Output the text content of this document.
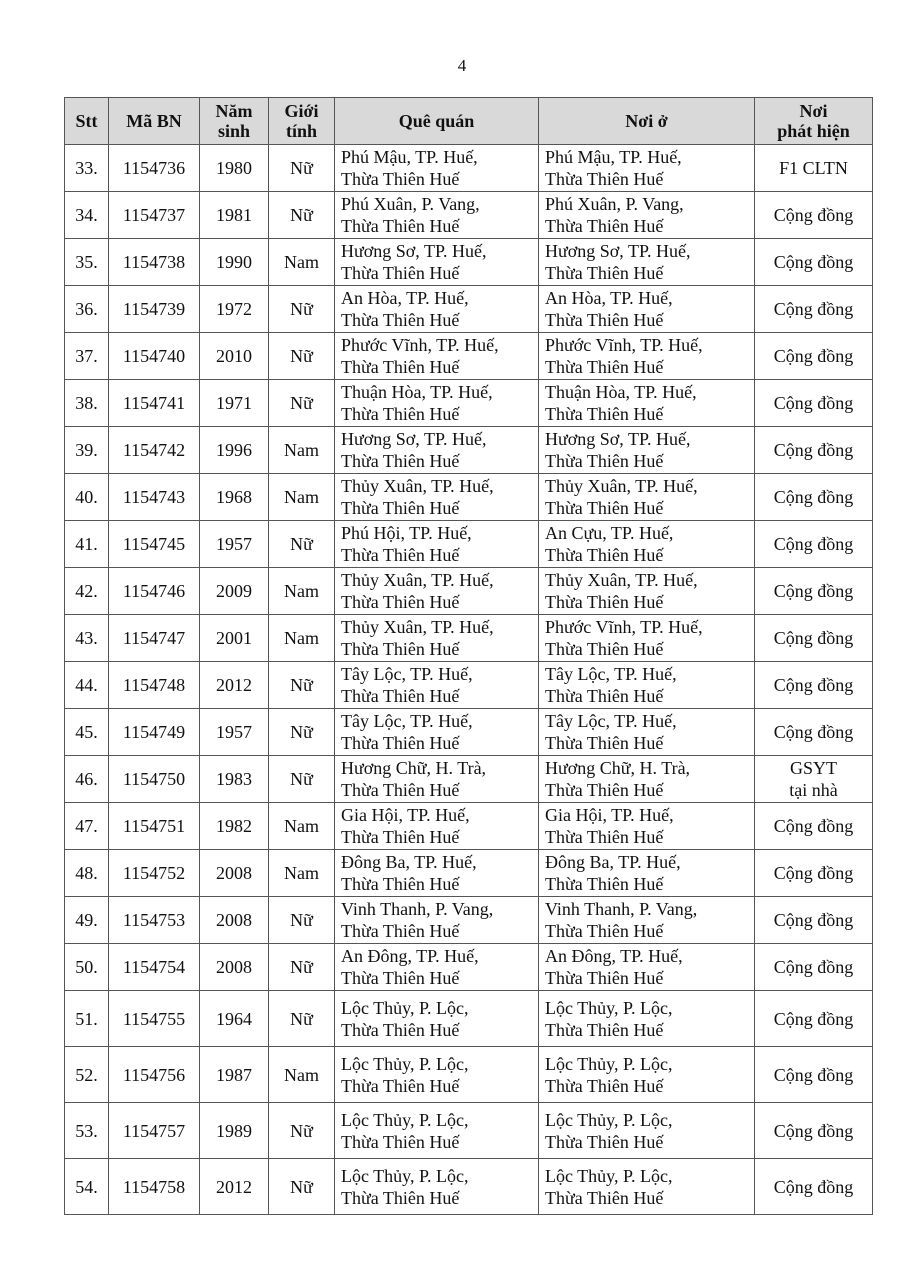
4
Stt	Mã BN	Năm
sinh	Giới
tính	Quê quán	Nơi ở	Nơi
phát hiện
33.	1154736	1980	Nữ	Phú Mậu, TP. Huế,
Thừa Thiên Huế	Phú Mậu, TP. Huế,
Thừa Thiên Huế	F1 CLTN
34.	1154737	1981	Nữ	Phú Xuân, P. Vang,
Thừa Thiên Huế	Phú Xuân, P. Vang,
Thừa Thiên Huế	Cộng đồng
35.	1154738	1990	Nam	Hương Sơ, TP. Huế,
Thừa Thiên Huế	Hương Sơ, TP. Huế,
Thừa Thiên Huế	Cộng đồng
36.	1154739	1972	Nữ	An Hòa, TP. Huế,
Thừa Thiên Huế	An Hòa, TP. Huế,
Thừa Thiên Huế	Cộng đồng
37.	1154740	2010	Nữ	Phước Vĩnh, TP. Huế,
Thừa Thiên Huế	Phước Vĩnh, TP. Huế,
Thừa Thiên Huế	Cộng đồng
38.	1154741	1971	Nữ	Thuận Hòa, TP. Huế,
Thừa Thiên Huế	Thuận Hòa, TP. Huế,
Thừa Thiên Huế	Cộng đồng
39.	1154742	1996	Nam	Hương Sơ, TP. Huế,
Thừa Thiên Huế	Hương Sơ, TP. Huế,
Thừa Thiên Huế	Cộng đồng
40.	1154743	1968	Nam	Thủy Xuân, TP. Huế,
Thừa Thiên Huế	Thủy Xuân, TP. Huế,
Thừa Thiên Huế	Cộng đồng
41.	1154745	1957	Nữ	Phú Hội, TP. Huế,
Thừa Thiên Huế	An Cựu, TP. Huế,
Thừa Thiên Huế	Cộng đồng
42.	1154746	2009	Nam	Thủy Xuân, TP. Huế,
Thừa Thiên Huế	Thủy Xuân, TP. Huế,
Thừa Thiên Huế	Cộng đồng
43.	1154747	2001	Nam	Thủy Xuân, TP. Huế,
Thừa Thiên Huế	Phước Vĩnh, TP. Huế,
Thừa Thiên Huế	Cộng đồng
44.	1154748	2012	Nữ	Tây Lộc, TP. Huế,
Thừa Thiên Huế	Tây Lộc, TP. Huế,
Thừa Thiên Huế	Cộng đồng
45.	1154749	1957	Nữ	Tây Lộc, TP. Huế,
Thừa Thiên Huế	Tây Lộc, TP. Huế,
Thừa Thiên Huế	Cộng đồng
46.	1154750	1983	Nữ	Hương Chữ, H. Trà,
Thừa Thiên Huế	Hương Chữ, H. Trà,
Thừa Thiên Huế	GSYT
tại nhà
47.	1154751	1982	Nam	Gia Hội, TP. Huế,
Thừa Thiên Huế	Gia Hội, TP. Huế,
Thừa Thiên Huế	Cộng đồng
48.	1154752	2008	Nam	Đông Ba, TP. Huế,
Thừa Thiên Huế	Đông Ba, TP. Huế,
Thừa Thiên Huế	Cộng đồng
49.	1154753	2008	Nữ	Vinh Thanh, P. Vang,
Thừa Thiên Huế	Vinh Thanh, P. Vang,
Thừa Thiên Huế	Cộng đồng
50.	1154754	2008	Nữ	An Đông, TP. Huế,
Thừa Thiên Huế	An Đông, TP. Huế,
Thừa Thiên Huế	Cộng đồng
51.	1154755	1964	Nữ	Lộc Thủy, P. Lộc,
Thừa Thiên Huế	Lộc Thủy, P. Lộc,
Thừa Thiên Huế	Cộng đồng
52.	1154756	1987	Nam	Lộc Thủy, P. Lộc,
Thừa Thiên Huế	Lộc Thủy, P. Lộc,
Thừa Thiên Huế	Cộng đồng
53.	1154757	1989	Nữ	Lộc Thủy, P. Lộc,
Thừa Thiên Huế	Lộc Thủy, P. Lộc,
Thừa Thiên Huế	Cộng đồng
54.	1154758	2012	Nữ	Lộc Thủy, P. Lộc,
Thừa Thiên Huế	Lộc Thủy, P. Lộc,
Thừa Thiên Huế	Cộng đồng
